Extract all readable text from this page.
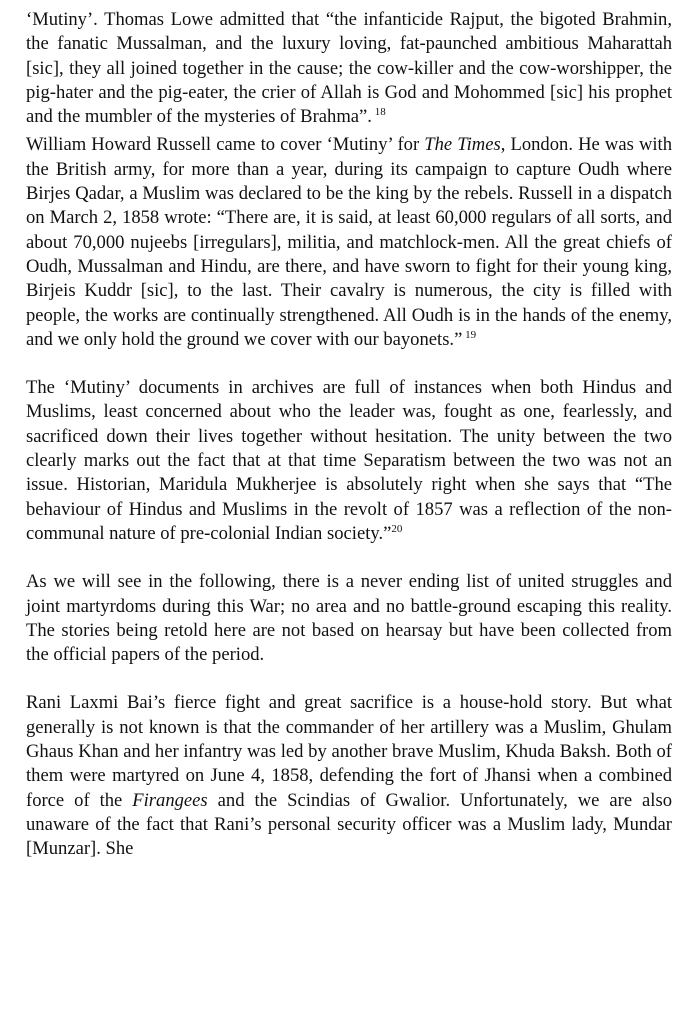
‘Mutiny’. Thomas Lowe admitted that “the infanticide Rajput, the bigoted Brahmin, the fanatic Mussalman, and the luxury loving, fat-paunched ambitious Maharattah [sic], they all joined together in the cause; the cow-killer and the cow-worshipper, the pig-hater and the pig-eater, the crier of Allah is God and Mohommed [sic] his prophet and the mumbler of the mysteries of Brahma”. $^{18}$

William Howard Russell came to cover ‘Mutiny’ for The Times, London. He was with the British army, for more than a year, during its campaign to capture Oudh where Birjes Qadar, a Muslim was declared to be the king by the rebels. Russell in a dispatch on March 2, 1858 wrote: “There are, it is said, at least 60,000 regulars of all sorts, and about 70,000 nujeebs [irregulars], militia, and matchlock-men. All the great chiefs of Oudh, Mussalman and Hindu, are there, and have sworn to fight for their young king, Birjeis Kuddr [sic], to the last. Their cavalry is numerous, the city is filled with people, the works are continually strengthened. All Oudh is in the hands of the enemy, and we only hold the ground we cover with our bayonets.” $^{19}$

The ‘Mutiny’ documents in archives are full of instances when both Hindus and Muslims, least concerned about who the leader was, fought as one, fearlessly, and sacrificed down their lives together without hesitation. The unity between the two clearly marks out the fact that at that time Separatism between the two was not an issue. Historian, Maridula Mukherjee is absolutely right when she says that “The behaviour of Hindus and Muslims in the revolt of 1857 was a reflection of the non-communal nature of pre-colonial Indian society.”$^{20}$

As we will see in the following, there is a never ending list of united struggles and joint martyrdoms during this War; no area and no battle-ground escaping this reality. The stories being retold here are not based on hearsay but have been collected from the official papers of the period.

Rani Laxmi Bai’s fierce fight and great sacrifice is a house-hold story. But what generally is not known is that the commander of her artillery was a Muslim, Ghulam Ghaus Khan and her infantry was led by another brave Muslim, Khuda Baksh. Both of them were martyred on June 4, 1858, defending the fort of Jhansi when a combined force of the Firangees and the Scindias of Gwalior. Unfortunately, we are also unaware of the fact that Rani’s personal security officer was a Muslim lady, Mundar [Munzar]. She
